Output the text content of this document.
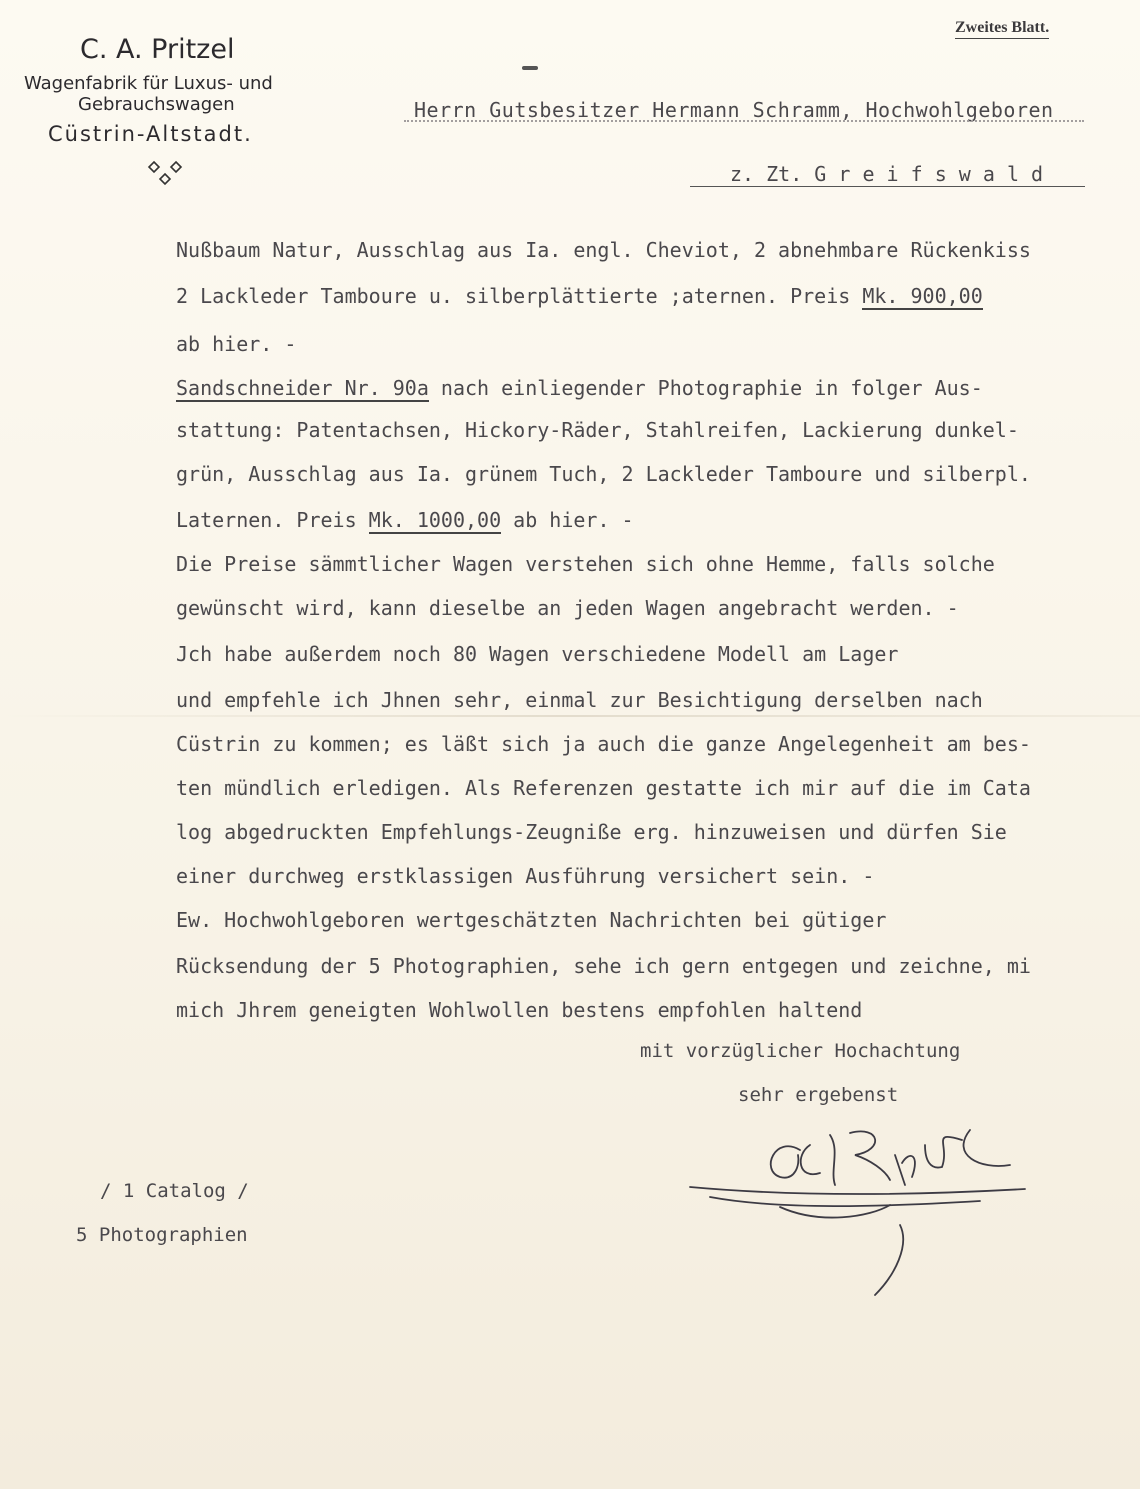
C. A. Pritzel
Wagenfabrik für Luxus- und
Gebrauchswagen
Cüstrin-Altstadt.
Zweites Blatt.
Herrn Gutsbesitzer Hermann Schramm, Hochwohlgeboren
z. Zt. G r e i f s w a l d
Nußbaum Natur, Ausschlag aus Ia. engl. Cheviot, 2 abnehmbare Rückenkiss
2 Lackleder Tamboure u. silberplättierte ;aternen. Preis Mk. 900,00
ab hier. -
Sandschneider Nr. 90a nach einliegender Photographie in folger Aus-
stattung: Patentachsen, Hickory-Räder, Stahlreifen, Lackierung dunkel-
grün, Ausschlag aus Ia. grünem Tuch, 2 Lackleder Tamboure und silberpl.
Laternen. Preis Mk. 1000,00 ab hier. -
Die Preise sämmtlicher Wagen verstehen sich ohne Hemme, falls solche
gewünscht wird, kann dieselbe an jeden Wagen angebracht werden. -
Jch habe außerdem noch 80 Wagen verschiedene Modell am Lager
und empfehle ich Jhnen sehr, einmal zur Besichtigung derselben nach
Cüstrin zu kommen; es läßt sich ja auch die ganze Angelegenheit am bes-
ten mündlich erledigen. Als Referenzen gestatte ich mir auf die im Cata
log abgedruckten Empfehlungs-Zeugniße erg. hinzuweisen und dürfen Sie
einer durchweg erstklassigen Ausführung versichert sein. -
Ew. Hochwohlgeboren wertgeschätzten Nachrichten bei gütiger
Rücksendung der 5 Photographien, sehe ich gern entgegen und zeichne, mi
mich Jhrem geneigten Wohlwollen bestens empfohlen haltend
mit vorzüglicher Hochachtung
sehr ergebenst
/ 1 Catalog /
5 Photographien
